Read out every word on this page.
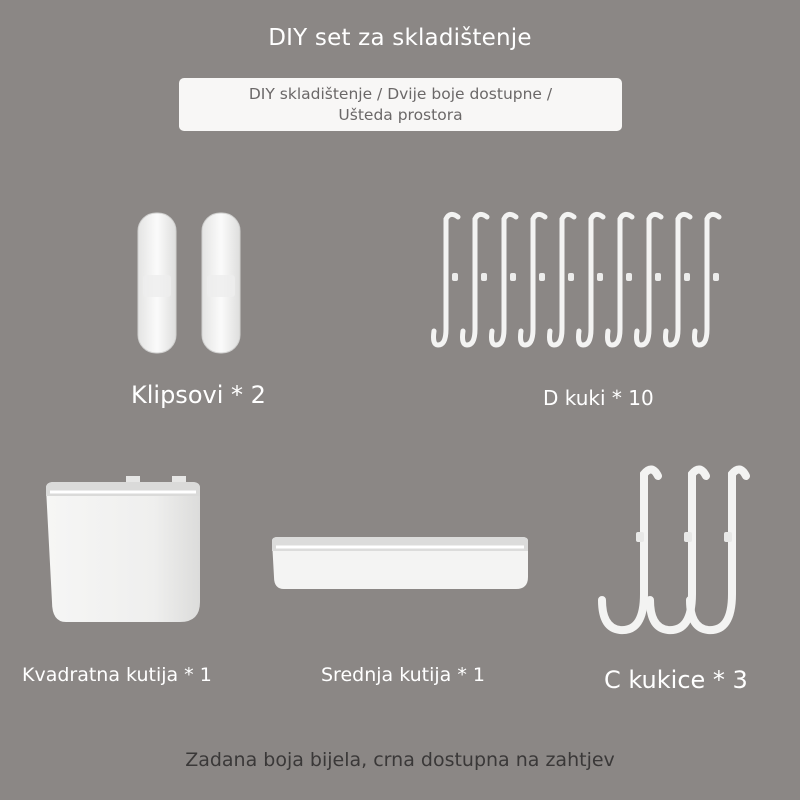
DIY set za skladištenje
DIY skladištenje / Dvije boje dostupne /
Ušteda prostora
Klipsovi * 2	D kuki * 10
Kvadratna kutija * 1	Srednja kutija * 1	C kukice * 3
Zadana boja bijela, crna dostupna na zahtjev
